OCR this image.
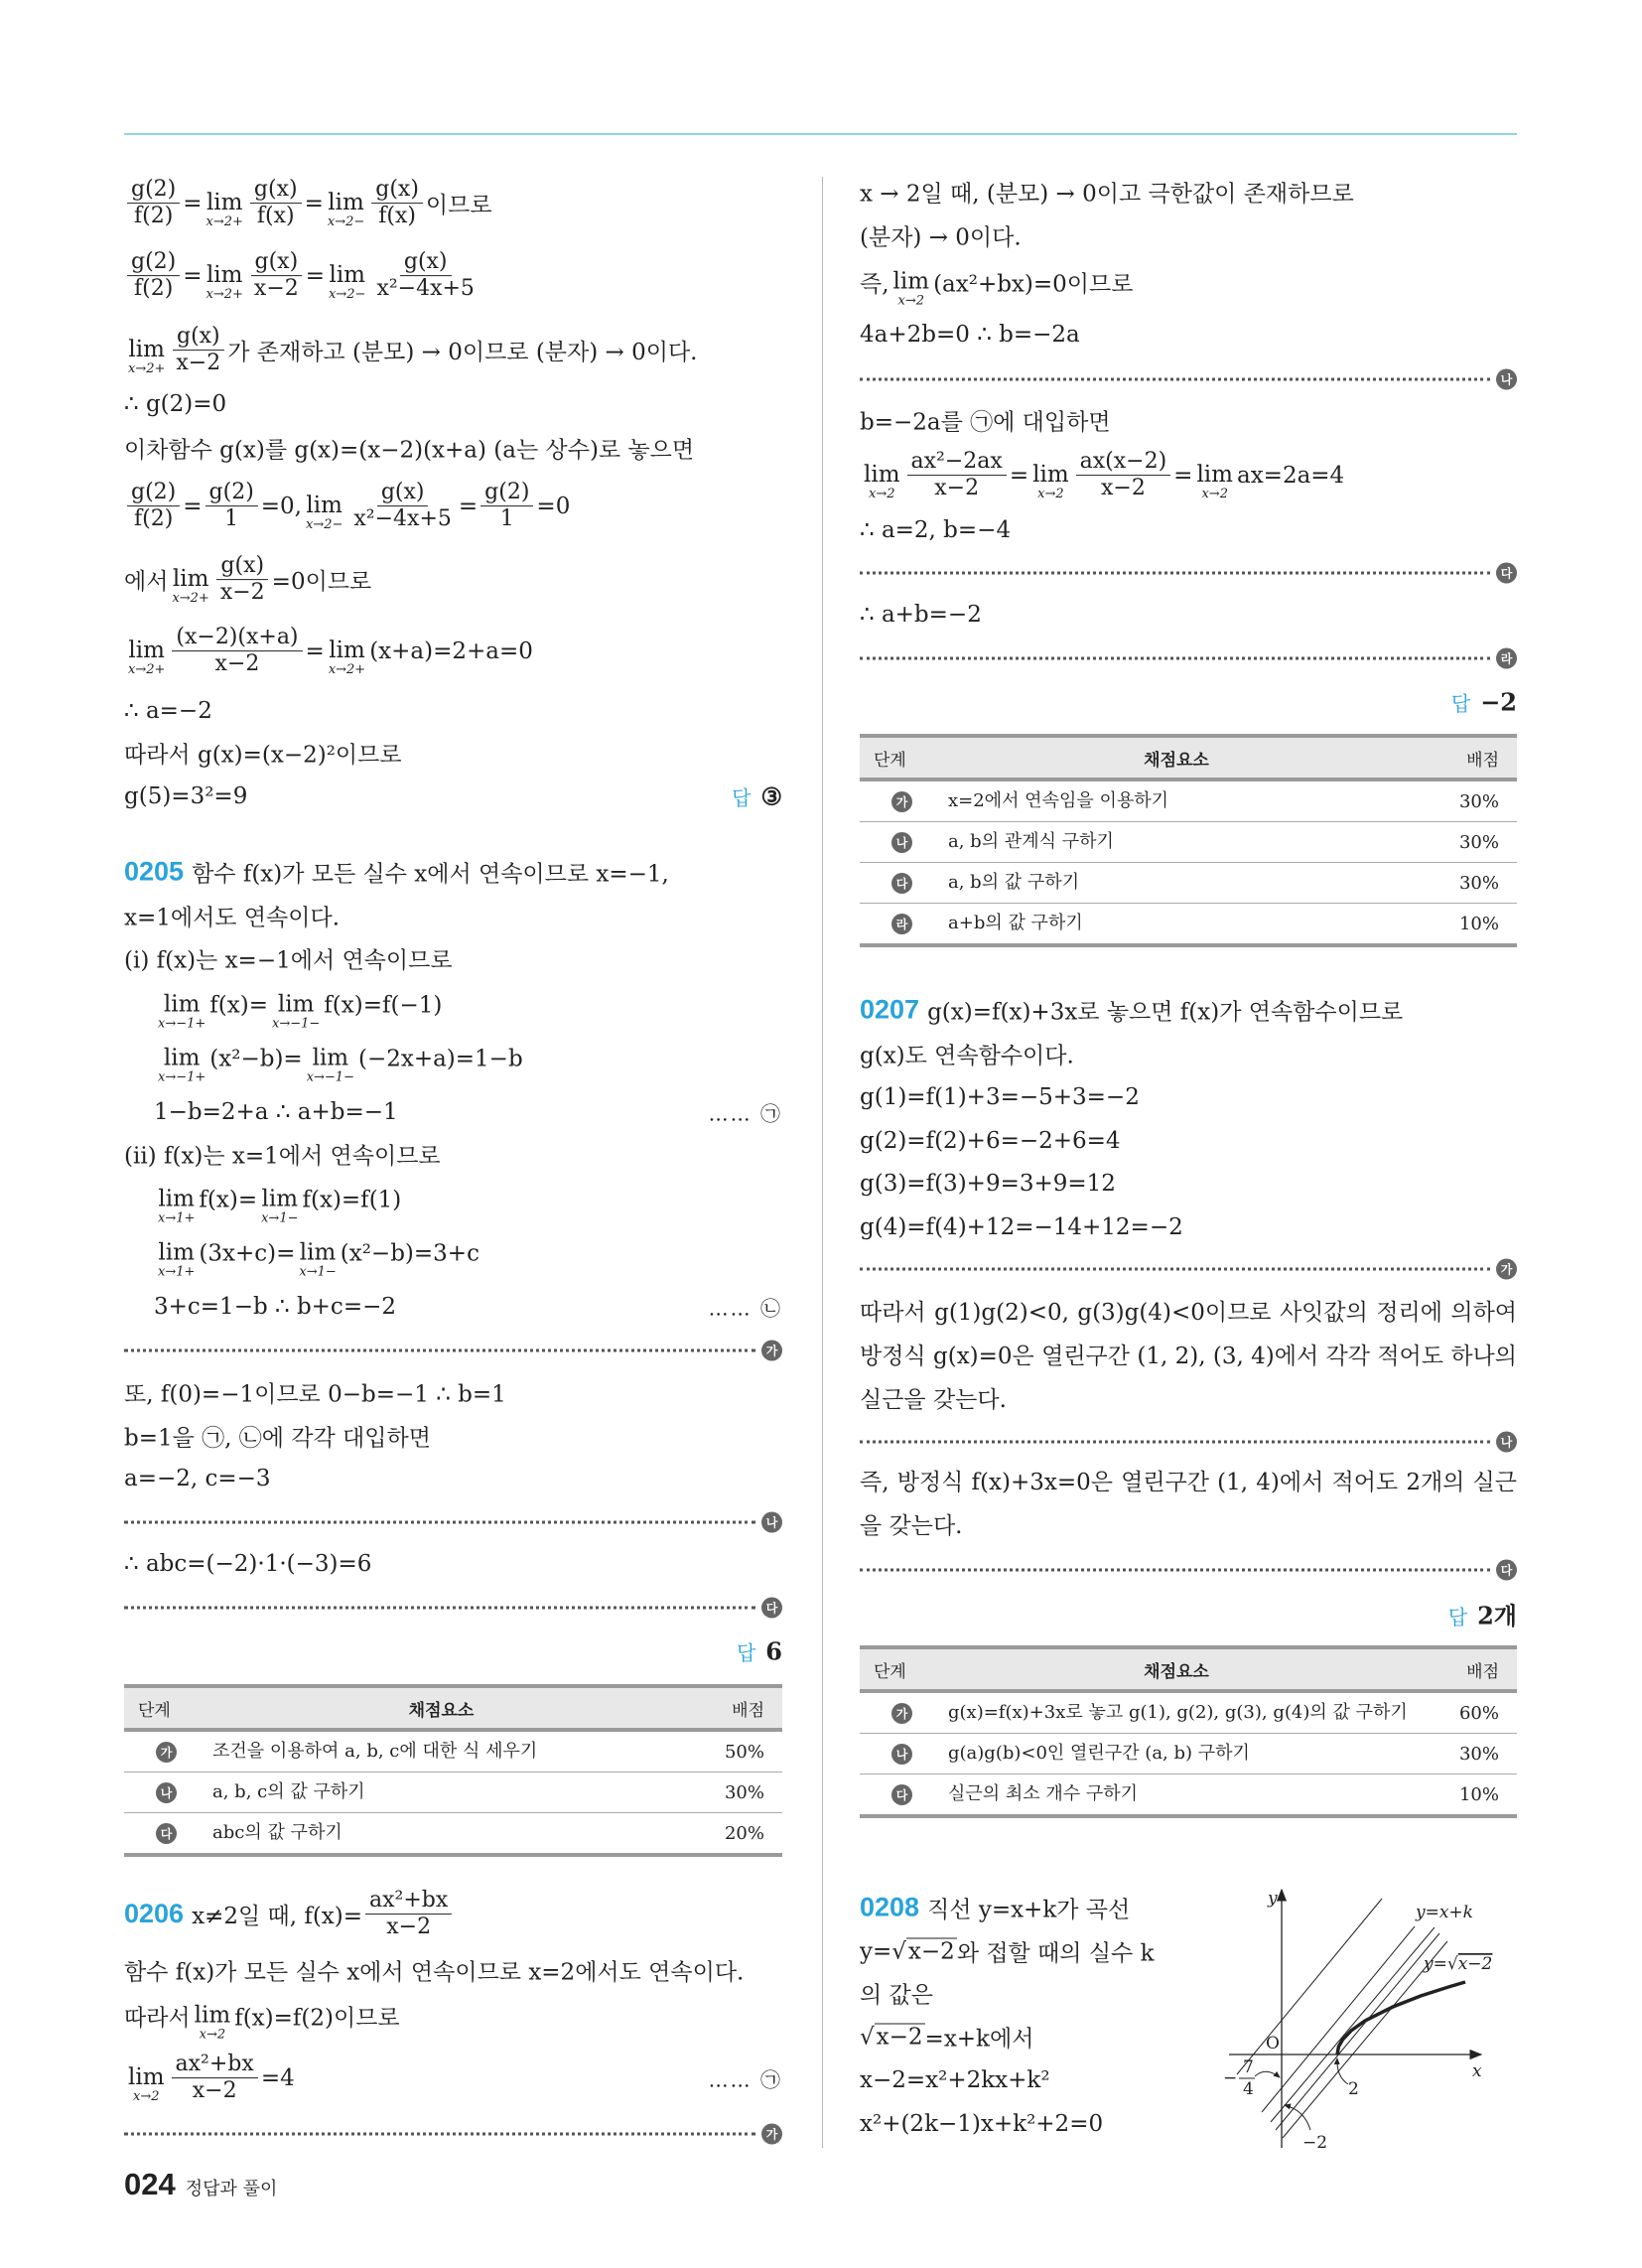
$\frac{g(2)}{f(2)} = \lim$
$x\to 2+ \frac{g(x)}{f(x)} = \lim$
$x\to 2- \frac{g(x)}{f(x)}$ 이므로
$\frac{g(2)}{f(2)} = \lim$
$x\to 2+ \frac{g(x)}{x-2} = \lim$
$x\to 2- \frac{g(x)}{\text{x²−4x+5}}$
lim
$x\to 2+ \frac{g(x)}{x-2}$ 가 존재하고 (분모) → 0이므로 (분자) → 0이다.
∴ g(2)=0
이차함수 g(x)를 g(x)=(x−2)(x+a) (a는 상수)로 놓으면
$\frac{g(2)}{f(2)} = \frac{g(2)}{1} =0$, lim
$x\to 2- \frac{g(x)}{\text{x²−4x+5}} = \frac{g(2)}{1} =0$
에서 lim
$x\to 2+ \frac{g(x)}{x-2} =0$이므로
lim
$x\to 2+ \frac{(x-2)(x+a)}{x-2} = \lim$
x→2+
(x+a)=2+a=0
∴ a=−2
따라서 g(x)=(x−2)²이므로
g(5)=3²=9	답 ③
0205 함수 f(x)가 모든 실수 x에서 연속이므로 x=−1,
x=1에서도 연속이다.
(i) f(x)는 x=−1에서 연속이므로
lim
x→−1+
f(x)= lim
x→−1−
f(x)=f(−1)
lim
x→−1+
(x²−b)= lim
x→−1−
(−2x+a)=1−b
1−b=2+a ∴ a+b=−1	…… ㉠
(ii) f(x)는 x=1에서 연속이므로
lim
x→1+
f(x)= lim
x→1−
f(x)=f(1)
lim
x→1+
(3x+c)= lim
x→1−
(x²−b)=3+c
3+c=1−b ∴ b+c=−2	…… ㉡
가
또, f(0)=−1이므로 0−b=−1 ∴ b=1
b=1을 ㉠, ㉡에 각각 대입하면
a=−2, c=−3
나
∴ abc=(−2)·1·(−3)=6
다
답 6
단계	채점요소	배점
가	조건을 이용하여 a, b, c에 대한 식 세우기	50%
나	a, b, c의 값 구하기	30%
다	abc의 값 구하기	20%
0206 x≠2일 때, $f(x)= \frac{\text{ax²+bx}}{x-2}$
함수 f(x)가 모든 실수 x에서 연속이므로 x=2에서도 연속이다.
따라서 lim
x→2
f(x)=f(2)이므로
lim
$x\to 2 \frac{\text{ax²+bx}}{x-2} =4$	…… ㉠
가
x → 2일 때, (분모) → 0이고 극한값이 존재하므로
(분자) → 0이다.
즉, lim
x→2
(ax²+bx)=0이므로
4a+2b=0 ∴ b=−2a
나
b=−2a를 ㉠에 대입하면
lim
$x\to 2 \frac{\text{ax²−2ax}}{x-2} = \lim$
$x\to 2 \frac{ax(x-2)}{x-2} = \lim$
x→2
ax=2a=4
∴ a=2, b=−4
다
∴ a+b=−2
라
답 −2
단계	채점요소	배점
가	x=2에서 연속임을 이용하기	30%
나	a, b의 관계식 구하기	30%
다	a, b의 값 구하기	30%
라	a+b의 값 구하기	10%
0207 g(x)=f(x)+3x로 놓으면 f(x)가 연속함수이므로
g(x)도 연속함수이다.
g(1)=f(1)+3=−5+3=−2
g(2)=f(2)+6=−2+6=4
g(3)=f(3)+9=3+9=12
g(4)=f(4)+12=−14+12=−2
가
따라서 g(1)g(2)<0, g(3)g(4)<0이므로 사잇값의 정리에 의하여 방정식 g(x)=0은 열린구간 (1, 2), (3, 4)에서 각각 적어도 하나의 실근을 갖는다.
나
즉, 방정식 f(x)+3x=0은 열린구간 (1, 4)에서 적어도 2개의 실근을 갖는다.
다
답 2개
단계	채점요소	배점
가	g(x)=f(x)+3x로 놓고 g(1), g(2), g(3), g(4)의 값 구하기	60%
나	g(a)g(b)<0인 열린구간 (a, b) 구하기	30%
다	실근의 최소 개수 구하기	10%
0208 직선 y=x+k가 곡선
y= √ x−2 와 접할 때의 실수 k
의 값은
√ x−2 =x+k에서
x−2=x²+2kx+k²
x²+(2k−1)x+k²+2=0
y
x
O
y=x+k
y=√x−2
−
7
4	2
−2
024 정답과 풀이
